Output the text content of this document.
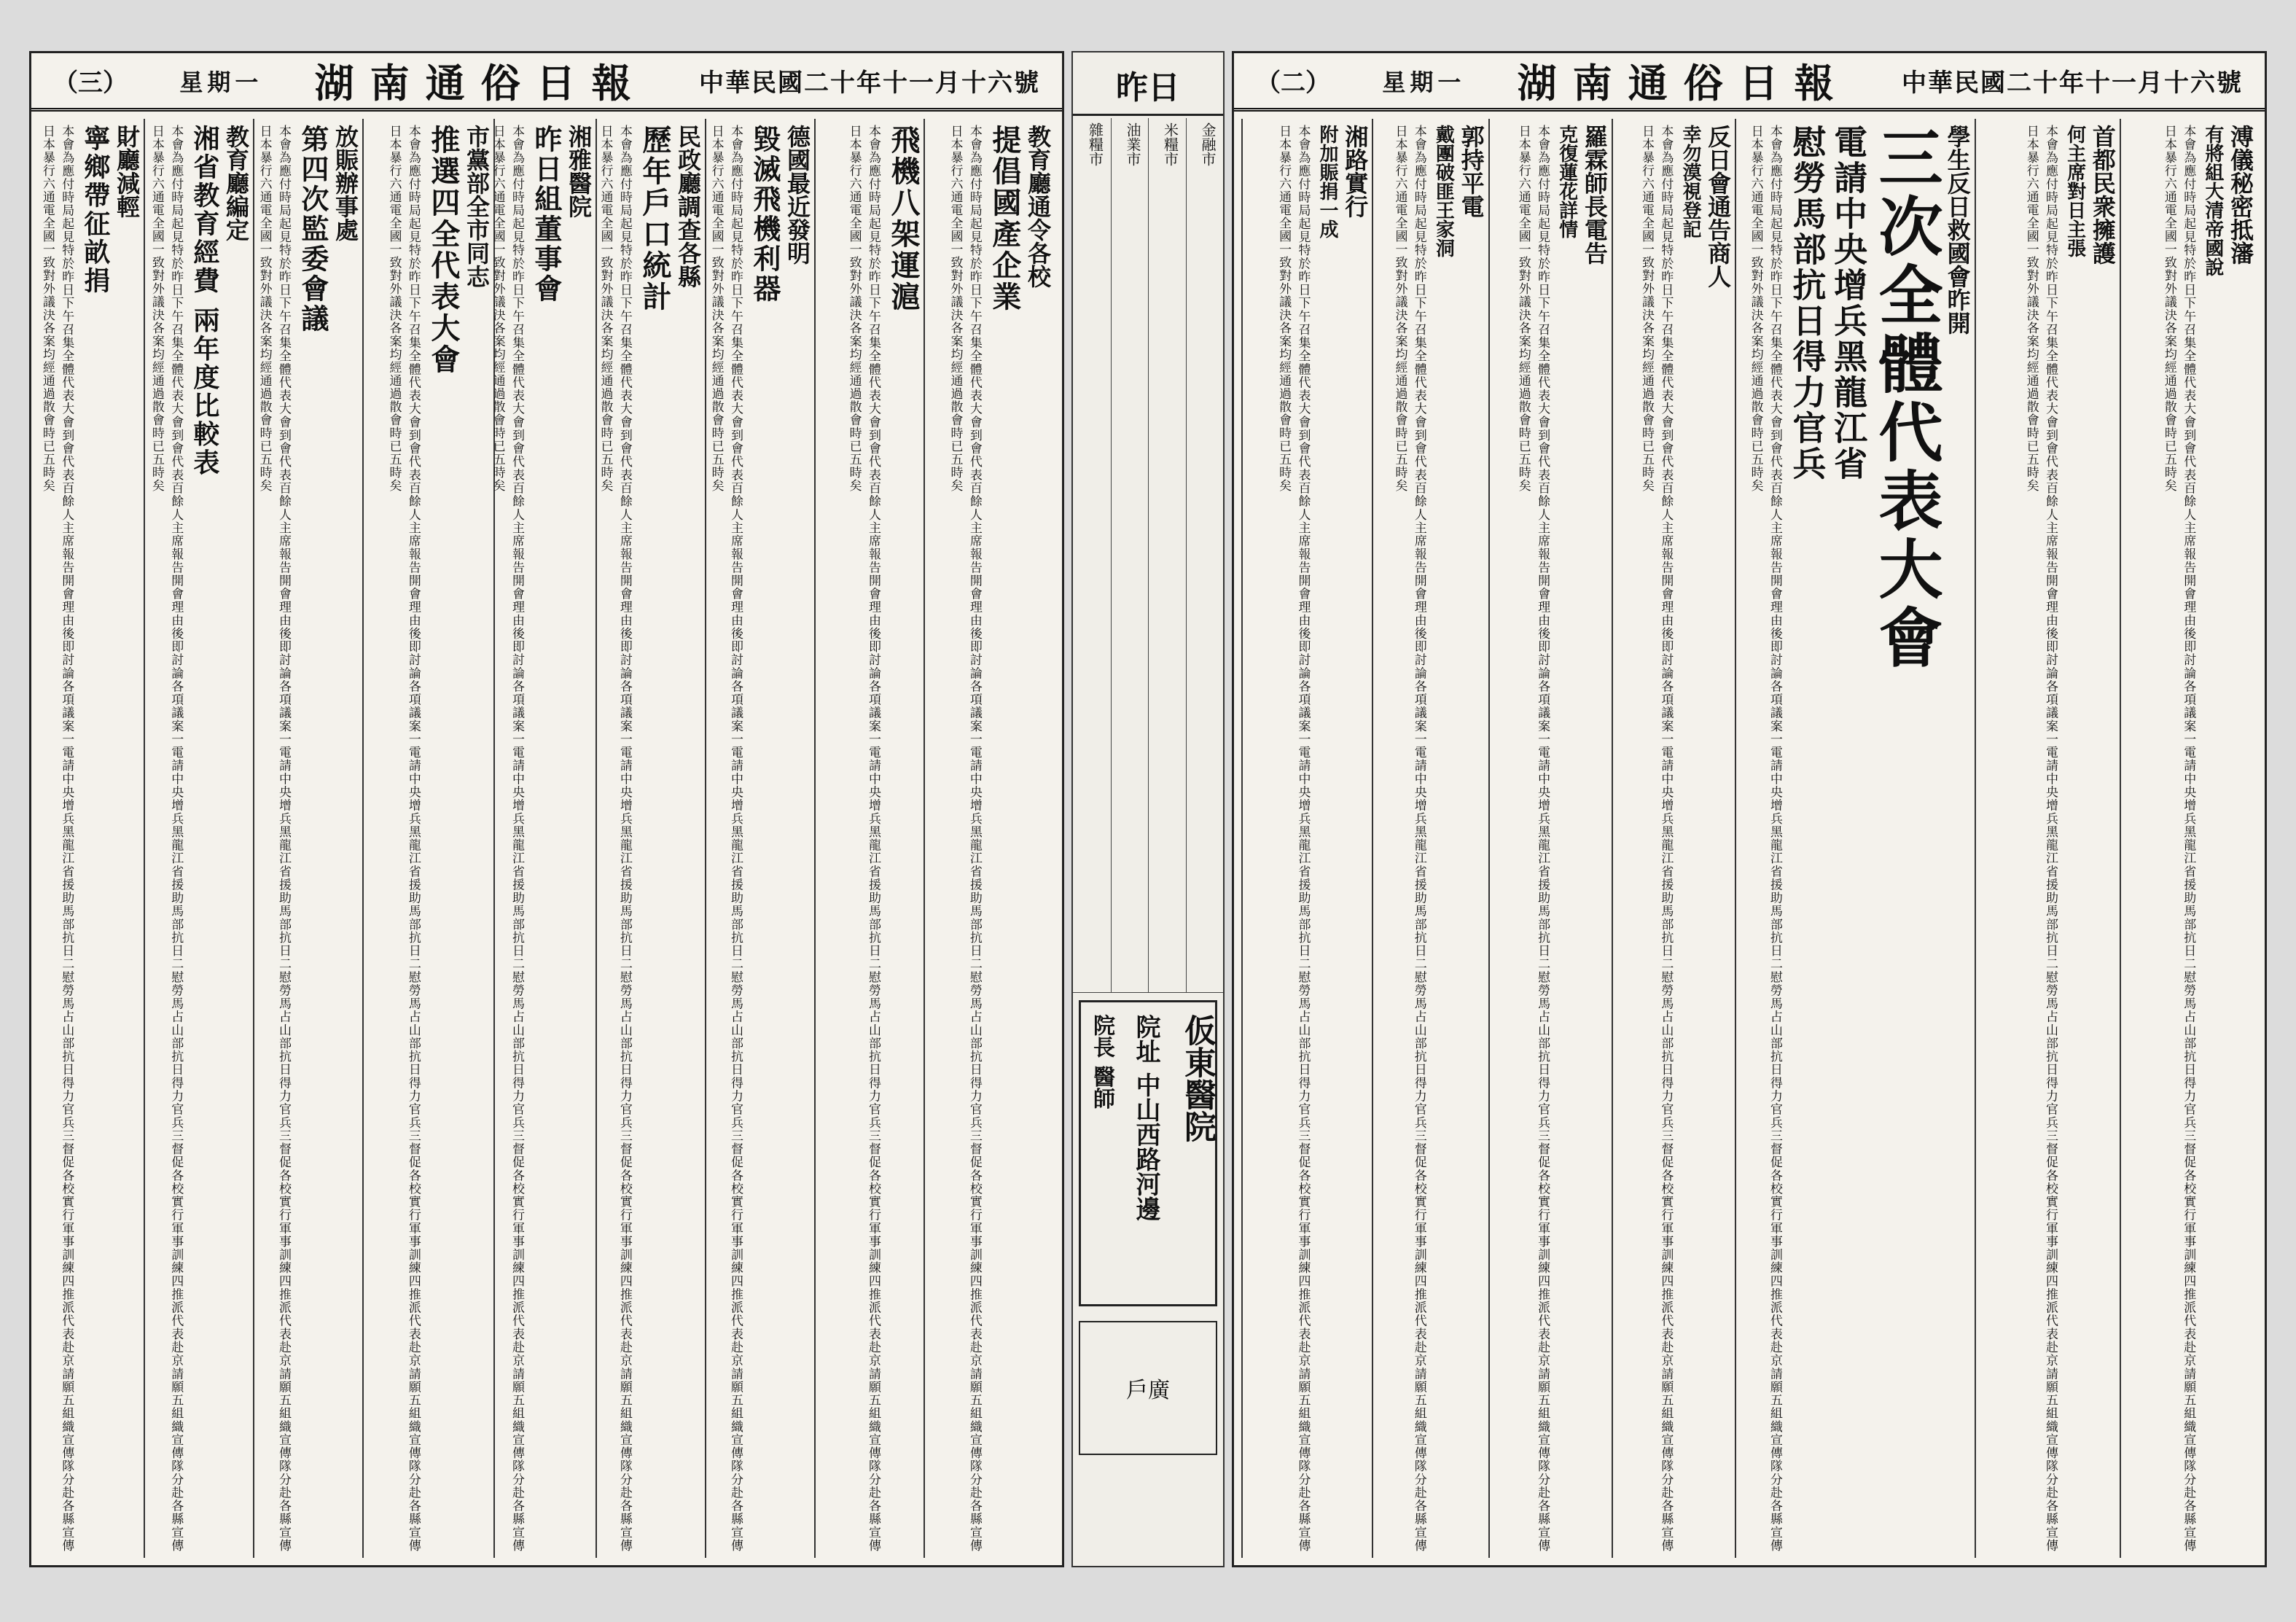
（二） 星期一 湖南通俗日報 中華民國二十年十一月十六號
溥儀秘密抵瀋
有將組大清帝國說

本會為應付時局起見特於昨日下午召集全體代表大會到會代表百餘人主席報告開會理由後即討論各項議案一電請中央增兵黑龍江省援助馬部抗日二慰勞馬占山部抗日得力官兵三督促各校實行軍事訓練四推派代表赴京請願五組織宣傳隊分赴各縣宣傳日本暴行六通電全國一致對外議決各案均經通過散會時已五時矣

首都民衆擁護
何主席對日主張

本會為應付時局起見特於昨日下午召集全體代表大會到會代表百餘人主席報告開會理由後即討論各項議案一電請中央增兵黑龍江省援助馬部抗日二慰勞馬占山部抗日得力官兵三督促各校實行軍事訓練四推派代表赴京請願五組織宣傳隊分赴各縣宣傳日本暴行六通電全國一致對外議決各案均經通過散會時已五時矣

學生反日救國會昨開
三次全體代表大會
電請中央增兵黑龍江省
慰勞馬部抗日得力官兵

本會為應付時局起見特於昨日下午召集全體代表大會到會代表百餘人主席報告開會理由後即討論各項議案一電請中央增兵黑龍江省援助馬部抗日二慰勞馬占山部抗日得力官兵三督促各校實行軍事訓練四推派代表赴京請願五組織宣傳隊分赴各縣宣傳日本暴行六通電全國一致對外議決各案均經通過散會時已五時矣

反日會通告商人
幸勿漠視登記

本會為應付時局起見特於昨日下午召集全體代表大會到會代表百餘人主席報告開會理由後即討論各項議案一電請中央增兵黑龍江省援助馬部抗日二慰勞馬占山部抗日得力官兵三督促各校實行軍事訓練四推派代表赴京請願五組織宣傳隊分赴各縣宣傳日本暴行六通電全國一致對外議決各案均經通過散會時已五時矣

羅霖師長電告
克復蓮花詳情

本會為應付時局起見特於昨日下午召集全體代表大會到會代表百餘人主席報告開會理由後即討論各項議案一電請中央增兵黑龍江省援助馬部抗日二慰勞馬占山部抗日得力官兵三督促各校實行軍事訓練四推派代表赴京請願五組織宣傳隊分赴各縣宣傳日本暴行六通電全國一致對外議決各案均經通過散會時已五時矣

郭持平電
戴團破匪王家洞

本會為應付時局起見特於昨日下午召集全體代表大會到會代表百餘人主席報告開會理由後即討論各項議案一電請中央增兵黑龍江省援助馬部抗日二慰勞馬占山部抗日得力官兵三督促各校實行軍事訓練四推派代表赴京請願五組織宣傳隊分赴各縣宣傳日本暴行六通電全國一致對外議決各案均經通過散會時已五時矣

湘路實行
附加賑捐一成

本會為應付時局起見特於昨日下午召集全體代表大會到會代表百餘人主席報告開會理由後即討論各項議案一電請中央增兵黑龍江省援助馬部抗日二慰勞馬占山部抗日得力官兵三督促各校實行軍事訓練四推派代表赴京請願五組織宣傳隊分赴各縣宣傳日本暴行六通電全國一致對外議決各案均經通過散會時已五時矣

昨日
金融市
米糧市
油業市
雜糧市
仮東醫院
院址 中山西路河邊
院長 醫師
戶廣
（三） 星期一 湖南通俗日報 中華民國二十年十一月十六號
教育廳通令各校
提倡國產企業

本會為應付時局起見特於昨日下午召集全體代表大會到會代表百餘人主席報告開會理由後即討論各項議案一電請中央增兵黑龍江省援助馬部抗日二慰勞馬占山部抗日得力官兵三督促各校實行軍事訓練四推派代表赴京請願五組織宣傳隊分赴各縣宣傳日本暴行六通電全國一致對外議決各案均經通過散會時已五時矣

飛機八架運滬

本會為應付時局起見特於昨日下午召集全體代表大會到會代表百餘人主席報告開會理由後即討論各項議案一電請中央增兵黑龍江省援助馬部抗日二慰勞馬占山部抗日得力官兵三督促各校實行軍事訓練四推派代表赴京請願五組織宣傳隊分赴各縣宣傳日本暴行六通電全國一致對外議決各案均經通過散會時已五時矣

德國最近發明
毀滅飛機利器

本會為應付時局起見特於昨日下午召集全體代表大會到會代表百餘人主席報告開會理由後即討論各項議案一電請中央增兵黑龍江省援助馬部抗日二慰勞馬占山部抗日得力官兵三督促各校實行軍事訓練四推派代表赴京請願五組織宣傳隊分赴各縣宣傳日本暴行六通電全國一致對外議決各案均經通過散會時已五時矣

民政廳調查各縣
歷年戶口統計

本會為應付時局起見特於昨日下午召集全體代表大會到會代表百餘人主席報告開會理由後即討論各項議案一電請中央增兵黑龍江省援助馬部抗日二慰勞馬占山部抗日得力官兵三督促各校實行軍事訓練四推派代表赴京請願五組織宣傳隊分赴各縣宣傳日本暴行六通電全國一致對外議決各案均經通過散會時已五時矣

湘雅醫院
昨日組董事會

本會為應付時局起見特於昨日下午召集全體代表大會到會代表百餘人主席報告開會理由後即討論各項議案一電請中央增兵黑龍江省援助馬部抗日二慰勞馬占山部抗日得力官兵三督促各校實行軍事訓練四推派代表赴京請願五組織宣傳隊分赴各縣宣傳日本暴行六通電全國一致對外議決各案均經通過散會時已五時矣

市黨部全市同志
推選四全代表大會

本會為應付時局起見特於昨日下午召集全體代表大會到會代表百餘人主席報告開會理由後即討論各項議案一電請中央增兵黑龍江省援助馬部抗日二慰勞馬占山部抗日得力官兵三督促各校實行軍事訓練四推派代表赴京請願五組織宣傳隊分赴各縣宣傳日本暴行六通電全國一致對外議決各案均經通過散會時已五時矣

放賑辦事處
第四次監委會議

本會為應付時局起見特於昨日下午召集全體代表大會到會代表百餘人主席報告開會理由後即討論各項議案一電請中央增兵黑龍江省援助馬部抗日二慰勞馬占山部抗日得力官兵三督促各校實行軍事訓練四推派代表赴京請願五組織宣傳隊分赴各縣宣傳日本暴行六通電全國一致對外議決各案均經通過散會時已五時矣

教育廳編定
湘省教育經費 兩年度比較表

本會為應付時局起見特於昨日下午召集全體代表大會到會代表百餘人主席報告開會理由後即討論各項議案一電請中央增兵黑龍江省援助馬部抗日二慰勞馬占山部抗日得力官兵三督促各校實行軍事訓練四推派代表赴京請願五組織宣傳隊分赴各縣宣傳日本暴行六通電全國一致對外議決各案均經通過散會時已五時矣

財廳減輕
寧鄉帶征畝捐

本會為應付時局起見特於昨日下午召集全體代表大會到會代表百餘人主席報告開會理由後即討論各項議案一電請中央增兵黑龍江省援助馬部抗日二慰勞馬占山部抗日得力官兵三督促各校實行軍事訓練四推派代表赴京請願五組織宣傳隊分赴各縣宣傳日本暴行六通電全國一致對外議決各案均經通過散會時已五時矣
